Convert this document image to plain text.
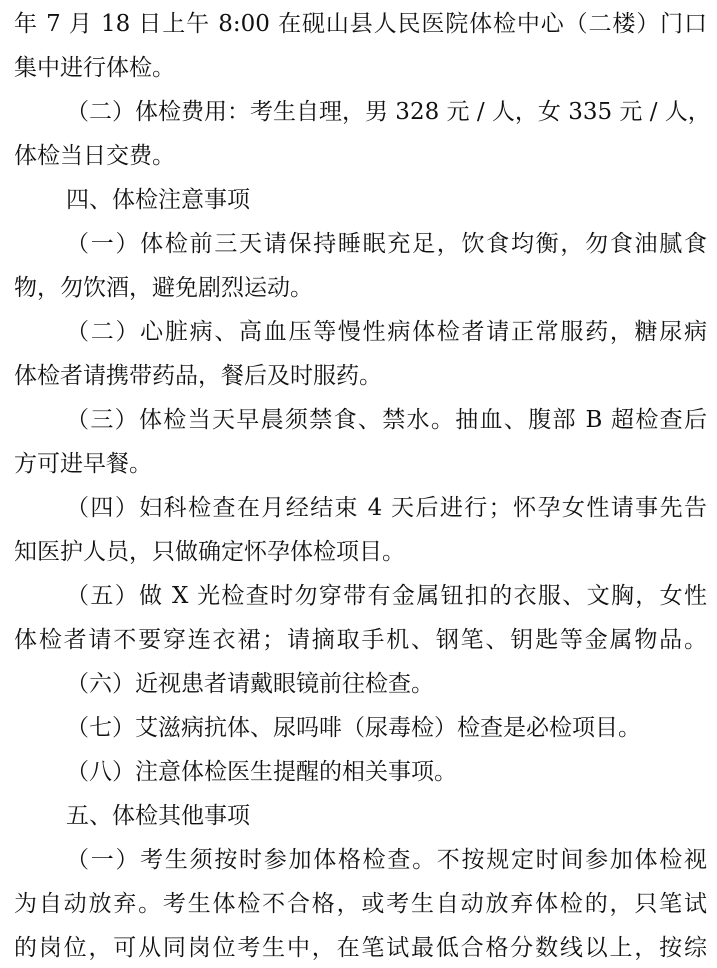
年 7 月 18 日上午 8:00 在砚山县人民医院体检中心（二楼）门口
集中进行体检。
（二）体检费用：考生自理，男 328 元 / 人，女 335 元 / 人，
体检当日交费。
四、体检注意事项
（一）体检前三天请保持睡眠充足，饮食均衡，勿食油腻食
物，勿饮酒，避免剧烈运动。
（二）心脏病、高血压等慢性病体检者请正常服药，糖尿病
体检者请携带药品，餐后及时服药。
（三）体检当天早晨须禁食、禁水。抽血、腹部 B 超检查后
方可进早餐。
（四）妇科检查在月经结束 4 天后进行；怀孕女性请事先告
知医护人员，只做确定怀孕体检项目。
（五）做 X 光检查时勿穿带有金属钮扣的衣服、文胸，女性
体检者请不要穿连衣裙；请摘取手机、钢笔、钥匙等金属物品。
（六）近视患者请戴眼镜前往检查。
（七）艾滋病抗体、尿吗啡（尿毒检）检查是必检项目。
（八）注意体检医生提醒的相关事项。
五、体检其他事项
（一）考生须按时参加体格检查。不按规定时间参加体检视
为自动放弃。考生体检不合格，或考生自动放弃体检的，只笔试
的岗位，可从同岗位考生中，在笔试最低合格分数线以上，按综
